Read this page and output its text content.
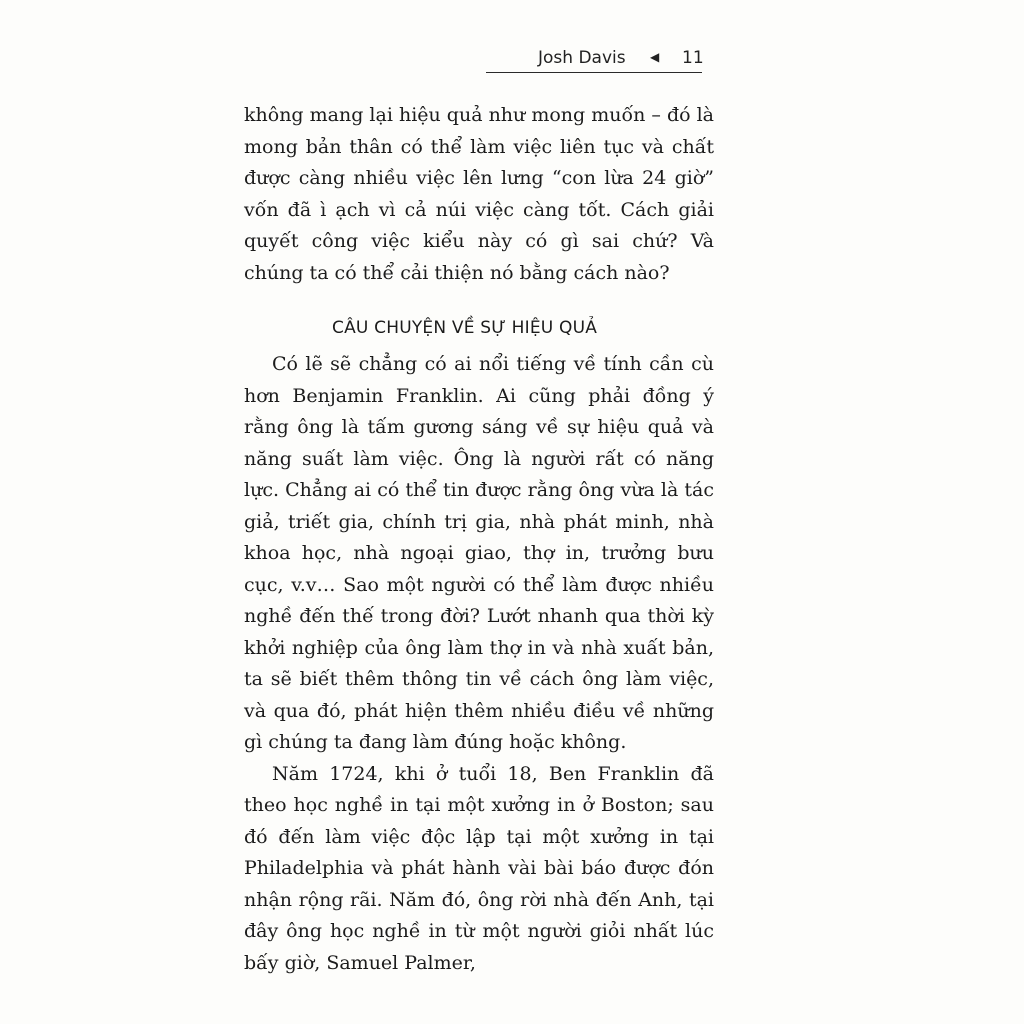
Josh Davis ◀ 11

không mang lại hiệu quả như mong muốn – đó là mong bản thân có thể làm việc liên tục và chất được càng nhiều việc lên lưng “con lừa 24 giờ” vốn đã ì ạch vì cả núi việc càng tốt. Cách giải quyết công việc kiểu này có gì sai chứ? Và chúng ta có thể cải thiện nó bằng cách nào?

CÂU CHUYỆN VỀ SỰ HIỆU QUẢ

Có lẽ sẽ chẳng có ai nổi tiếng về tính cần cù hơn Benjamin Franklin. Ai cũng phải đồng ý rằng ông là tấm gương sáng về sự hiệu quả và năng suất làm việc. Ông là người rất có năng lực. Chẳng ai có thể tin được rằng ông vừa là tác giả, triết gia, chính trị gia, nhà phát minh, nhà khoa học, nhà ngoại giao, thợ in, trưởng bưu cục, v.v… Sao một người có thể làm được nhiều nghề đến thế trong đời? Lướt nhanh qua thời kỳ khởi nghiệp của ông làm thợ in và nhà xuất bản, ta sẽ biết thêm thông tin về cách ông làm việc, và qua đó, phát hiện thêm nhiều điều về những gì chúng ta đang làm đúng hoặc không.

Năm 1724, khi ở tuổi 18, Ben Franklin đã theo học nghề in tại một xưởng in ở Boston; sau đó đến làm việc độc lập tại một xưởng in tại Philadelphia và phát hành vài bài báo được đón nhận rộng rãi. Năm đó, ông rời nhà đến Anh, tại đây ông học nghề in từ một người giỏi nhất lúc bấy giờ, Samuel Palmer,
